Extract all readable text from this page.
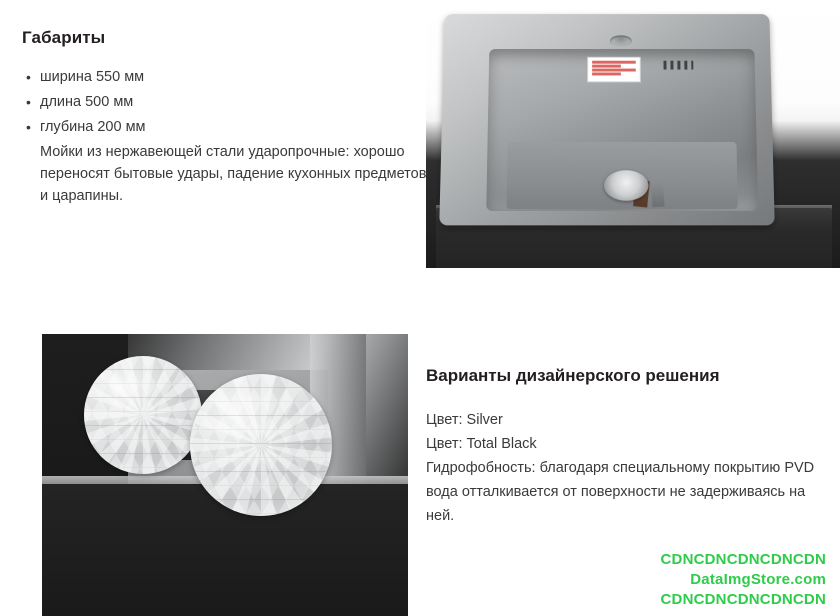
Габариты
• ширина 550 мм
• длина 500 мм
• глубина 200 мм

Мойки из нержавеющей стали ударопрочные: хорошо переносят бытовые удары, падение кухонных предметов и царапины.

Варианты дизайнерского решения

Цвет: Silver

Цвет: Total Black

Гидрофобность: благодаря специальному покрытию PVD вода отталкивается от поверхности не задерживаясь на ней.

CDNCDNCDNCDNCDN
DataImgStore.com
CDNCDNCDNCDNCDN
